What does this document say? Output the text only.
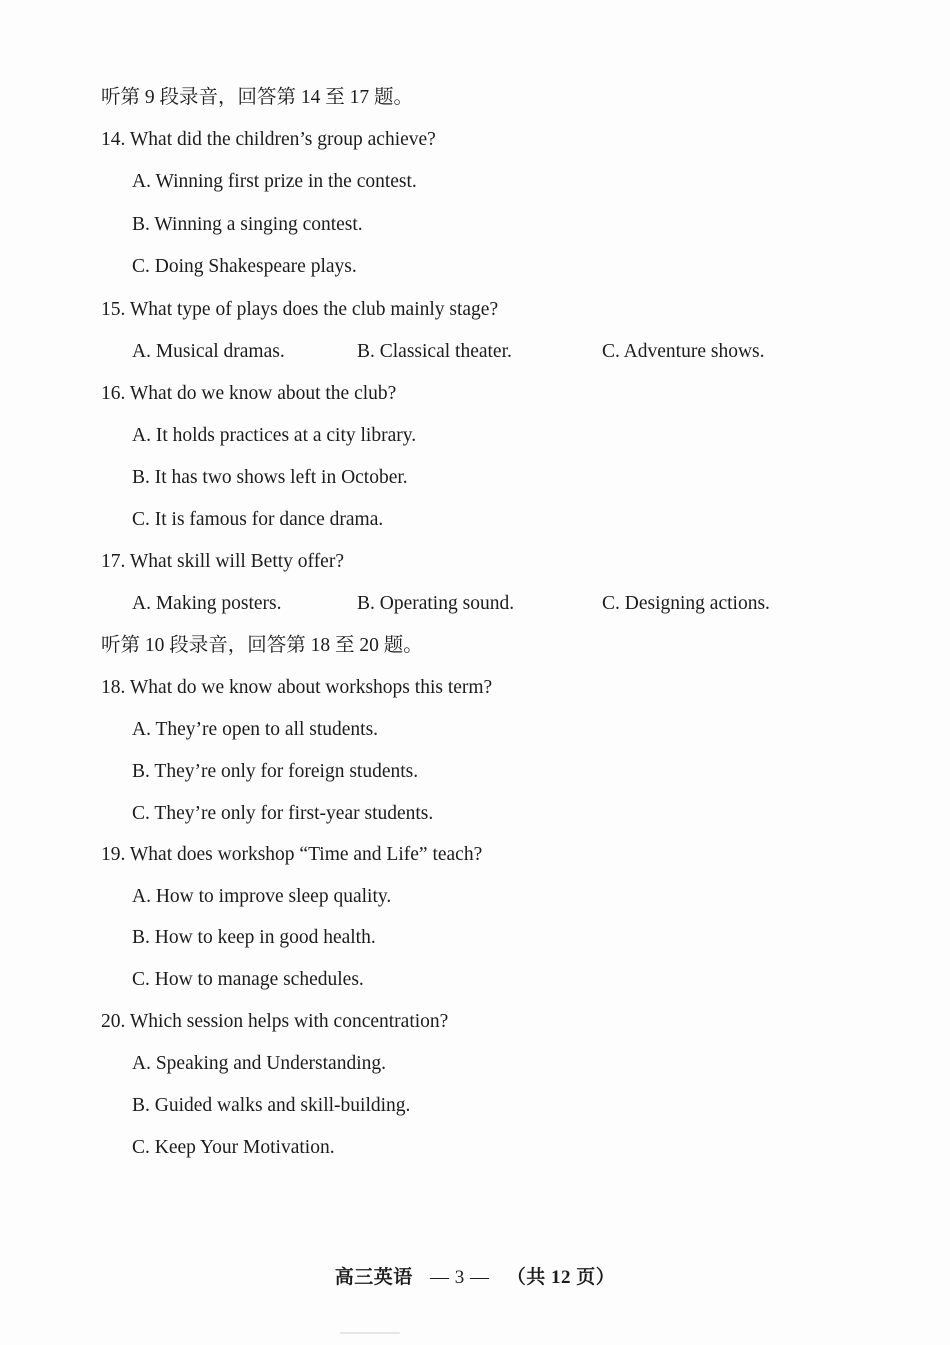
听第 9 段录音，回答第 14 至 17 题。
14. What did the children’s group achieve?
A. Winning first prize in the contest.
B. Winning a singing contest.
C. Doing Shakespeare plays.
15. What type of plays does the club mainly stage?
A. Musical dramas.	B. Classical theater.	C. Adventure shows.
16. What do we know about the club?
A. It holds practices at a city library.
B. It has two shows left in October.
C. It is famous for dance drama.
17. What skill will Betty offer?
A. Making posters.	B. Operating sound.	C. Designing actions.
听第 10 段录音，回答第 18 至 20 题。
18. What do we know about workshops this term?
A. They’re open to all students.
B. They’re only for foreign students.
C. They’re only for first-year students.
19. What does workshop “Time and Life” teach?
A. How to improve sleep quality.
B. How to keep in good health.
C. How to manage schedules.
20. Which session helps with concentration?
A. Speaking and Understanding.
B. Guided walks and skill-building.
C. Keep Your Motivation.
高三英语 — 3 — （共 12 页）
